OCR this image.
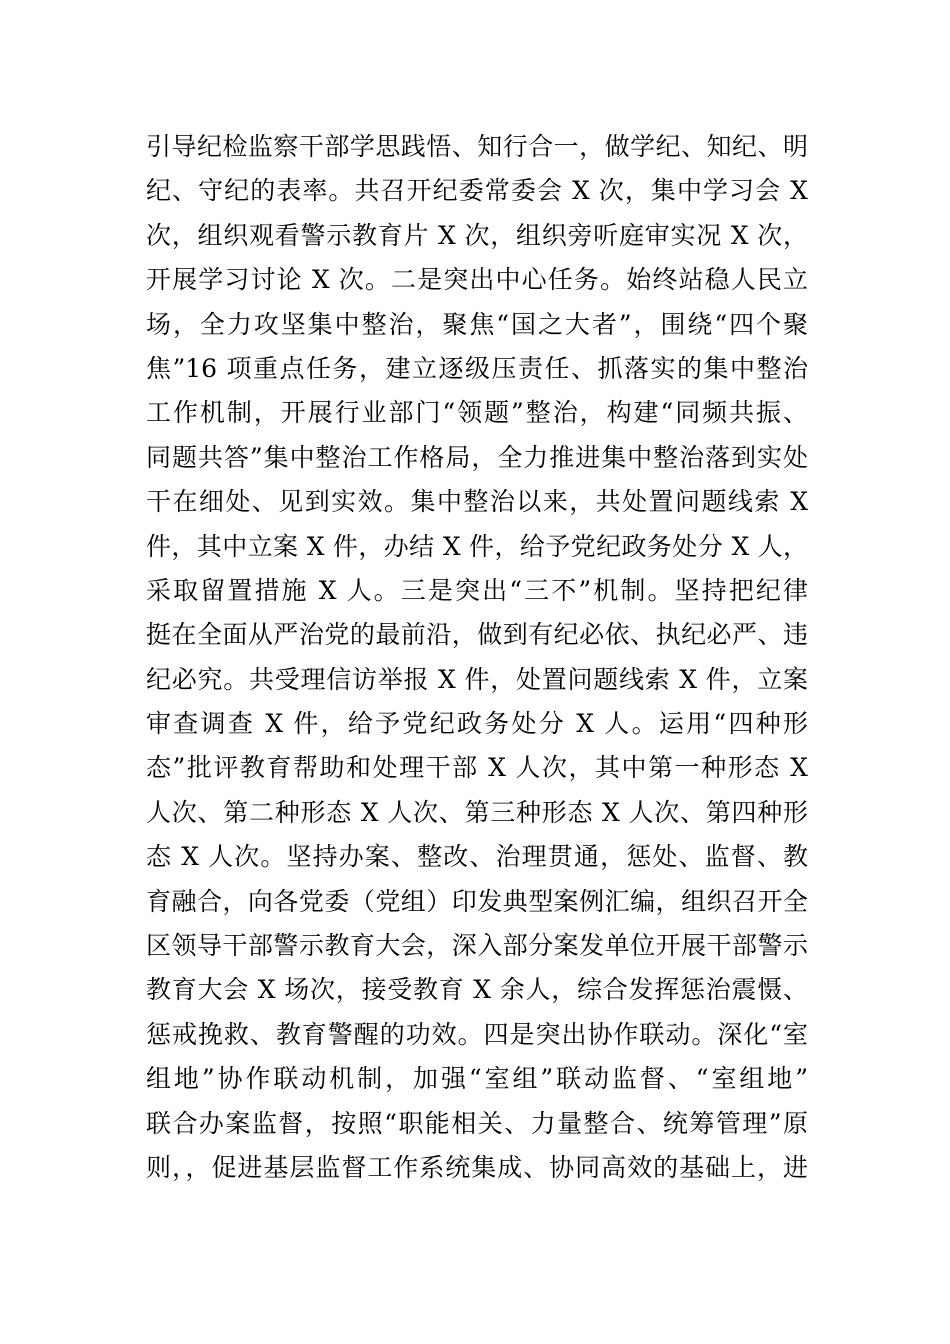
引导纪检监察干部学思践悟、知行合一，做学纪、知纪、明
纪、守纪的表率。共召开纪委常委会 X 次，集中学习会 X
次，组织观看警示教育片 X 次，组织旁听庭审实况 X 次，
开展学习讨论 X 次。二是突出中心任务。始终站稳人民立
场，全力攻坚集中整治，聚焦“国之大者”，围绕“四个聚
焦”16 项重点任务，建立逐级压责任、抓落实的集中整治
工作机制，开展行业部门“领题”整治，构建“同频共振、
同题共答”集中整治工作格局，全力推进集中整治落到实处
干在细处、见到实效。集中整治以来，共处置问题线索 X
件，其中立案 X 件，办结 X 件，给予党纪政务处分 X 人，
采取留置措施 X 人。三是突出“三不”机制。坚持把纪律
挺在全面从严治党的最前沿，做到有纪必依、执纪必严、违
纪必究。共受理信访举报 X 件，处置问题线索 X 件，立案
审查调查 X 件，给予党纪政务处分 X 人。运用“四种形
态”批评教育帮助和处理干部 X 人次，其中第一种形态 X
人次、第二种形态 X 人次、第三种形态 X 人次、第四种形
态 X 人次。坚持办案、整改、治理贯通，惩处、监督、教
育融合，向各党委（党组）印发典型案例汇编，组织召开全
区领导干部警示教育大会，深入部分案发单位开展干部警示
教育大会 X 场次，接受教育 X 余人，综合发挥惩治震慑、
惩戒挽救、教育警醒的功效。四是突出协作联动。深化“室
组地”协作联动机制，加强“室组”联动监督、“室组地”
联合办案监督，按照“职能相关、力量整合、统筹管理”原
则，，促进基层监督工作系统集成、协同高效的基础上，进
